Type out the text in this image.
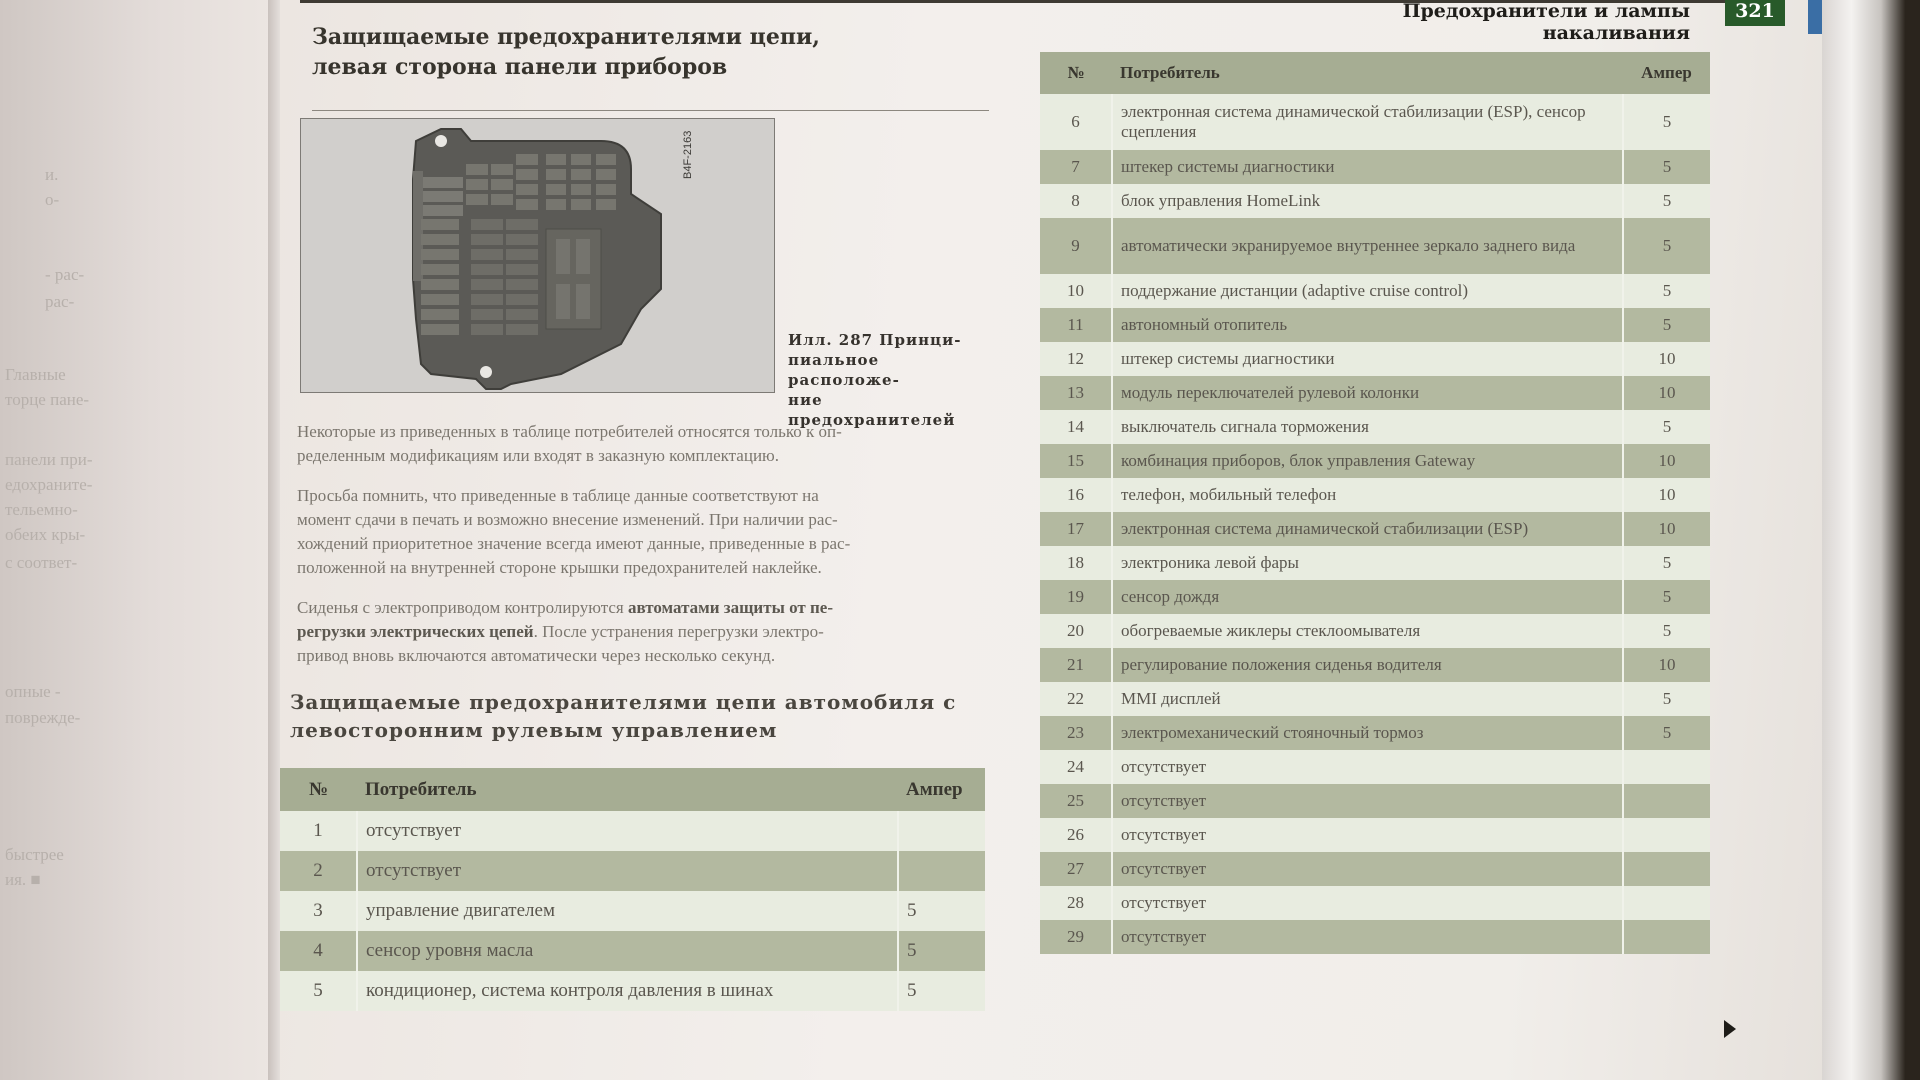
и.
о-
- рас-
рас-
Главные
торце пане-
панели при-
едохраните-
тельемно-
обеих кры-
с соответ-
опные -
поврежде-
быстрее
ия. ■
Предохранители и лампы накаливания
321
Защищаемые предохранителями цепи,
левая сторона панели приборов
B4F-2163
Илл. 287 Принци-
пиальное расположе-
ние предохранителей
Некоторые из приведенных в таблице потребителей относятся только к оп-
ределенным модификациям или входят в заказную комплектацию.
Просьба помнить, что приведенные в таблице данные соответствуют на
момент сдачи в печать и возможно внесение изменений. При наличии рас-
хождений приоритетное значение всегда имеют данные, приведенные в рас-
положенной на внутренней стороне крышки предохранителей наклейке.
Сиденья с электроприводом контролируются автоматами защиты от пе-
регрузки электрических цепей. После устранения перегрузки электро-
привод вновь включаются автоматически через несколько секунд.
Защищаемые предохранителями цепи автомобиля с
левосторонним рулевым управлением
№	Потребитель	Ампер
1	отсутствует	
2	отсутствует	
3	управление двигателем	5
4	сенсор уровня масла	5
5	кондиционер, система контроля давления в шинах	5
№	Потребитель	Ампер
6	электронная система динамической стабилизации (ESP), сенсор сцепления	5
7	штекер системы диагностики	5
8	блок управления HomeLink	5
9	автоматически экранируемое внутреннее зеркало заднего вида	5
10	поддержание дистанции (adaptive cruise control)	5
11	автономный отопитель	5
12	штекер системы диагностики	10
13	модуль переключателей рулевой колонки	10
14	выключатель сигнала торможения	5
15	комбинация приборов, блок управления Gateway	10
16	телефон, мобильный телефон	10
17	электронная система динамической стабилизации (ESP)	10
18	электроника левой фары	5
19	сенсор дождя	5
20	обогреваемые жиклеры стеклоомывателя	5
21	регулирование положения сиденья водителя	10
22	MMI дисплей	5
23	электромеханический стояночный тормоз	5
24	отсутствует	
25	отсутствует	
26	отсутствует	
27	отсутствует	
28	отсутствует	
29	отсутствует	
